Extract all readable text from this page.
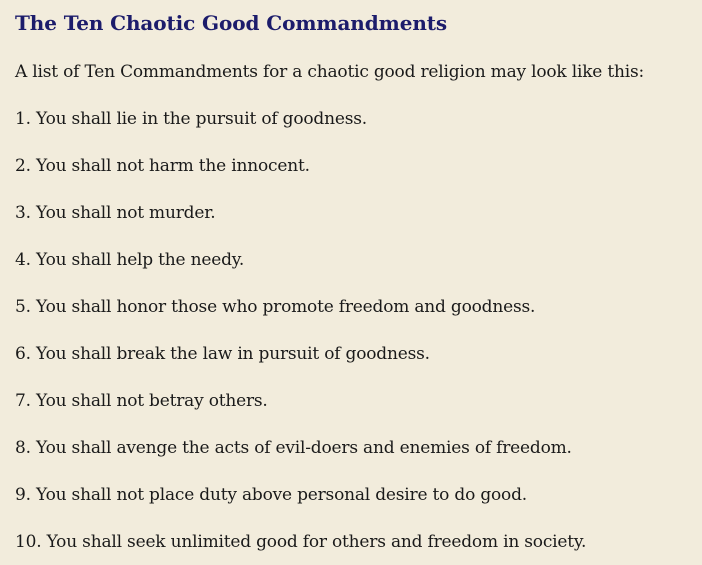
The Ten Chaotic Good Commandments

A list of Ten Commandments for a chaotic good religion may look like this:

1. You shall lie in the pursuit of goodness.
2. You shall not harm the innocent.
3. You shall not murder.
4. You shall help the needy.
5. You shall honor those who promote freedom and goodness.
6. You shall break the law in pursuit of goodness.
7. You shall not betray others.
8. You shall avenge the acts of evil-doers and enemies of freedom.
9. You shall not place duty above personal desire to do good.
10. You shall seek unlimited good for others and freedom in society.
